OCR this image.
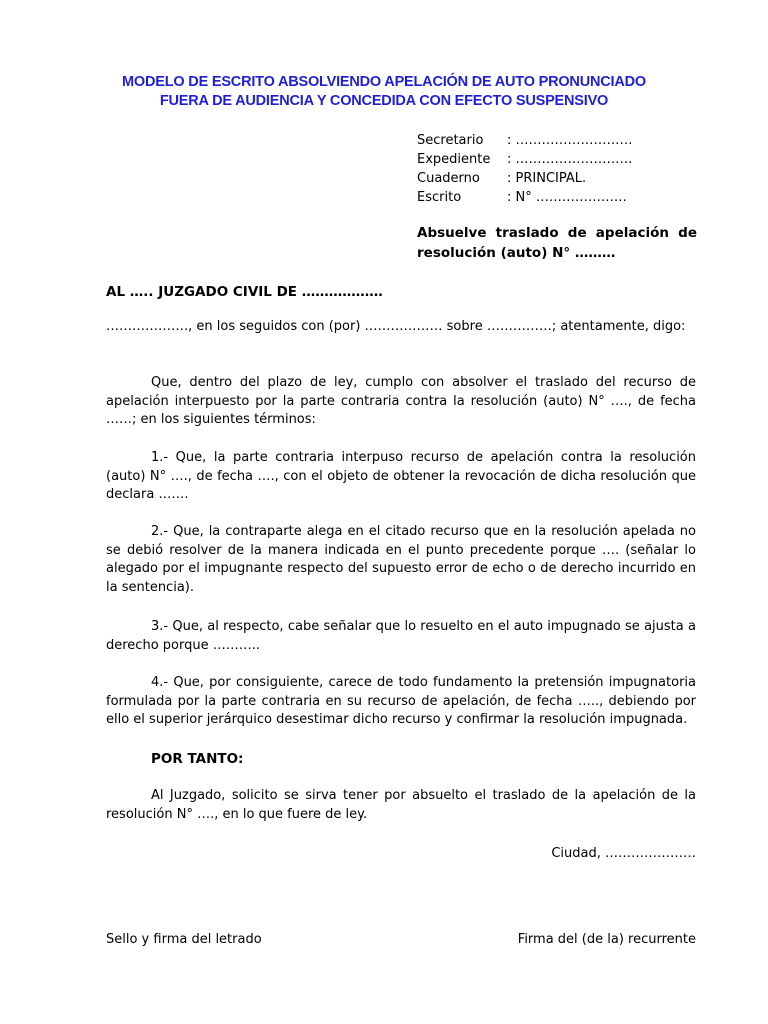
MODELO DE ESCRITO ABSOLVIENDO APELACIÓN DE AUTO PRONUNCIADO
FUERA DE AUDIENCIA Y CONCEDIDA CON EFECTO SUSPENSIVO
Secretario	: ………………………
Expediente	: ………………………
Cuaderno	: PRINCIPAL.
Escrito	: N° …………………
Absuelve traslado de apelación de resolución (auto) N° ………
AL ….. JUZGADO CIVIL DE ………………
………………., en los seguidos con (por) ……………… sobre ……………; atentamente, digo:
Que, dentro del plazo de ley, cumplo con absolver el traslado del recurso de apelación interpuesto por la parte contraria contra la resolución (auto) N° …., de fecha ……; en los siguientes términos:
1.- Que, la parte contraria interpuso recurso de apelación contra la resolución (auto) N° …., de fecha …., con el objeto de obtener la revocación de dicha resolución que declara …….
2.- Que, la contraparte alega en el citado recurso que en la resolución apelada no se debió resolver de la manera indicada en el punto precedente porque …. (señalar lo alegado por el impugnante respecto del supuesto error de echo o de derecho incurrido en la sentencia).
3.- Que, al respecto, cabe señalar que lo resuelto en el auto impugnado se ajusta a derecho porque ………..
4.- Que, por consiguiente, carece de todo fundamento la pretensión impugnatoria formulada por la parte contraria en su recurso de apelación, de fecha ….., debiendo por ello el superior jerárquico desestimar dicho recurso y confirmar la resolución impugnada.
POR TANTO:
Al Juzgado, solicito se sirva tener por absuelto el traslado de la apelación de la resolución N° …., en lo que fuere de ley.
Ciudad, …………………
Sello y firma del letrado	Firma del (de la) recurrente
